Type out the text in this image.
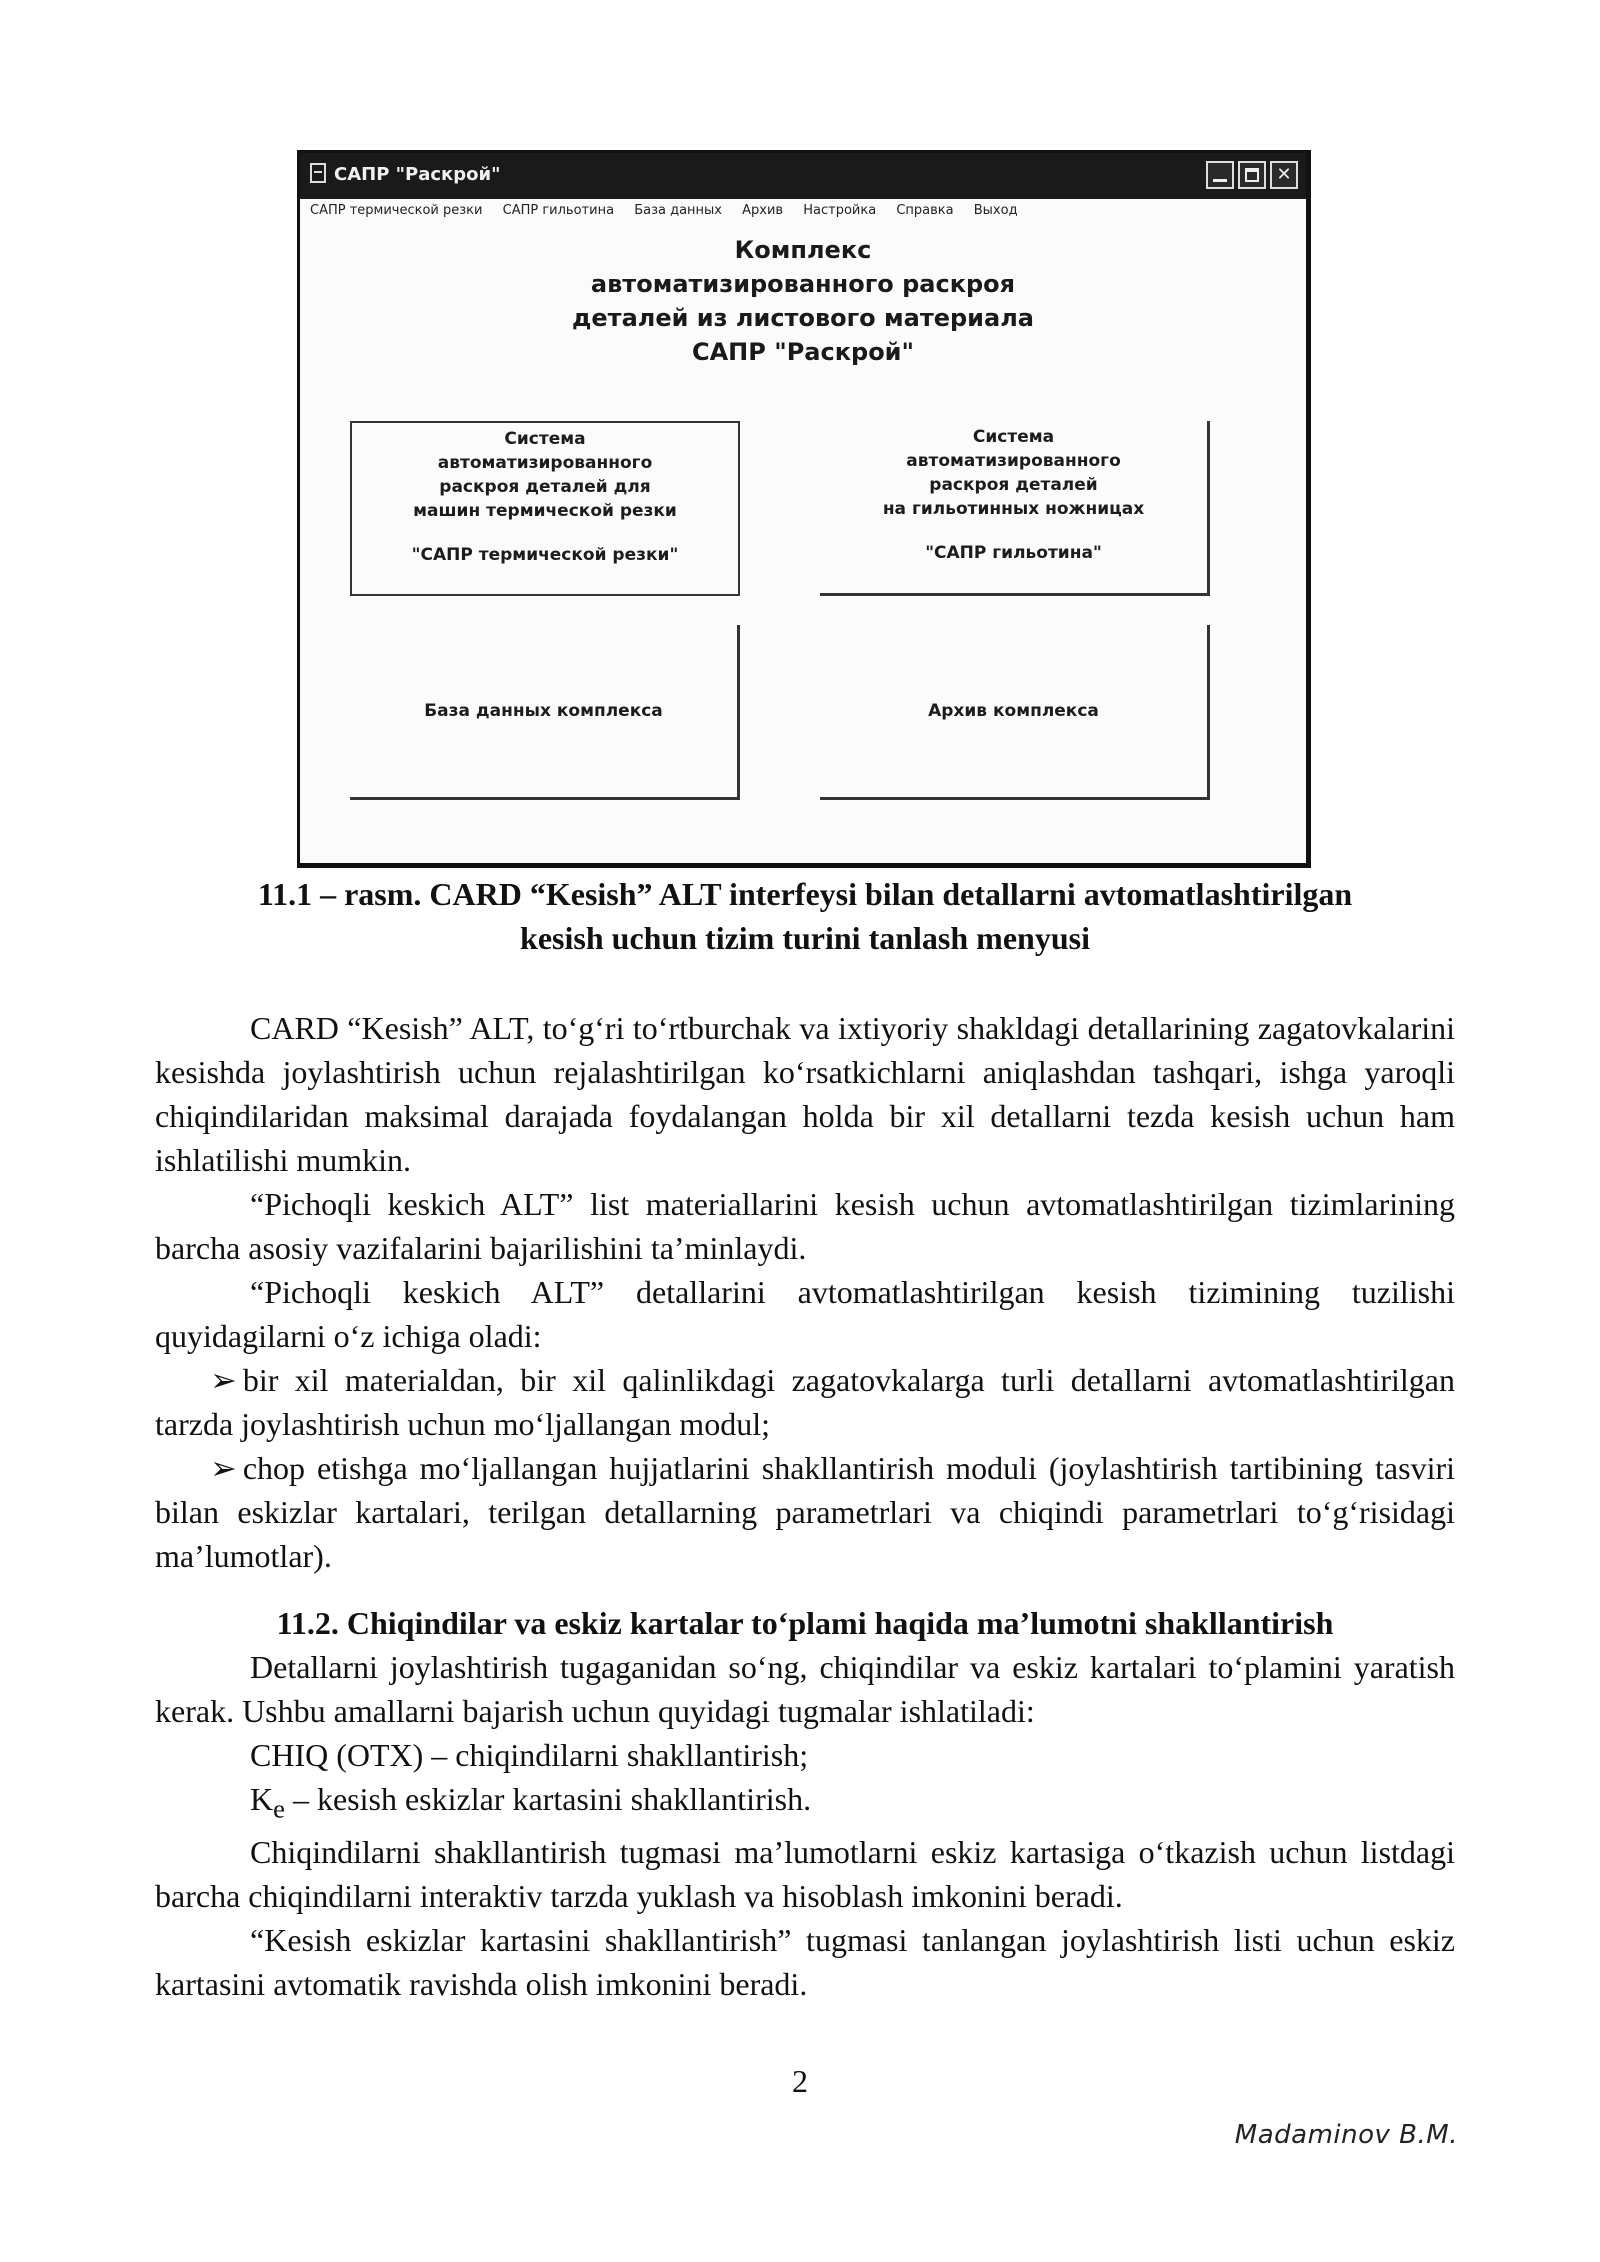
САПР "Раскрой"	✕
САПР термической резки САПР гильотина База данных Архив Настройка Справка Выход
Комплекс
автоматизированного раскроя
деталей из листового материала
САПР "Раскрой"
Система
автоматизированного
раскроя деталей для
машин термической резки
"САПР термической резки"
Система
автоматизированного
раскроя деталей
на гильотинных ножницах
"САПР гильотина"
База данных комплекса	Архив комплекса
11.1 – rasm. CARD “Kesish” ALT interfeysi bilan detallarni avtomatlashtirilgan
kesish uchun tizim turini tanlash menyusi

CARD “Kesish” ALT, to‘g‘ri to‘rtburchak va ixtiyoriy shakldagi detallarining zagatovkalarini kesishda joylashtirish uchun rejalashtirilgan ko‘rsatkichlarni aniqlashdan tashqari, ishga yaroqli chiqindilaridan maksimal darajada foydalangan holda bir xil detallarni tezda kesish uchun ham ishlatilishi mumkin.

“Pichoqli keskich ALT” list materiallarini kesish uchun avtomatlashtirilgan tizimlarining barcha asosiy vazifalarini bajarilishini ta’minlaydi.

“Pichoqli keskich ALT” detallarini avtomatlashtirilgan kesish tizimining tuzilishi quyidagilarni o‘z ichiga oladi:

➢ bir xil materialdan, bir xil qalinlikdagi zagatovkalarga turli detallarni avtomatlashtirilgan tarzda joylashtirish uchun mo‘ljallangan modul;

➢ chop etishga mo‘ljallangan hujjatlarini shakllantirish moduli (joylashtirish tartibining tasviri bilan eskizlar kartalari, terilgan detallarning parametrlari va chiqindi parametrlari to‘g‘risidagi ma’lumotlar).

11.2. Chiqindilar va eskiz kartalar to‘plami haqida ma’lumotni shakllantirish

Detallarni joylashtirish tugaganidan so‘ng, chiqindilar va eskiz kartalari to‘plamini yaratish kerak. Ushbu amallarni bajarish uchun quyidagi tugmalar ishlatiladi:

CHIQ (OTX) – chiqindilarni shakllantirish;

$K_e$ – kesish eskizlar kartasini shakllantirish.

Chiqindilarni shakllantirish tugmasi ma’lumotlarni eskiz kartasiga o‘tkazish uchun listdagi barcha chiqindilarni interaktiv tarzda yuklash va hisoblash imkonini beradi.

“Kesish eskizlar kartasini shakllantirish” tugmasi tanlangan joylashtirish listi uchun eskiz kartasini avtomatik ravishda olish imkonini beradi.

2
Madaminov B.M.
